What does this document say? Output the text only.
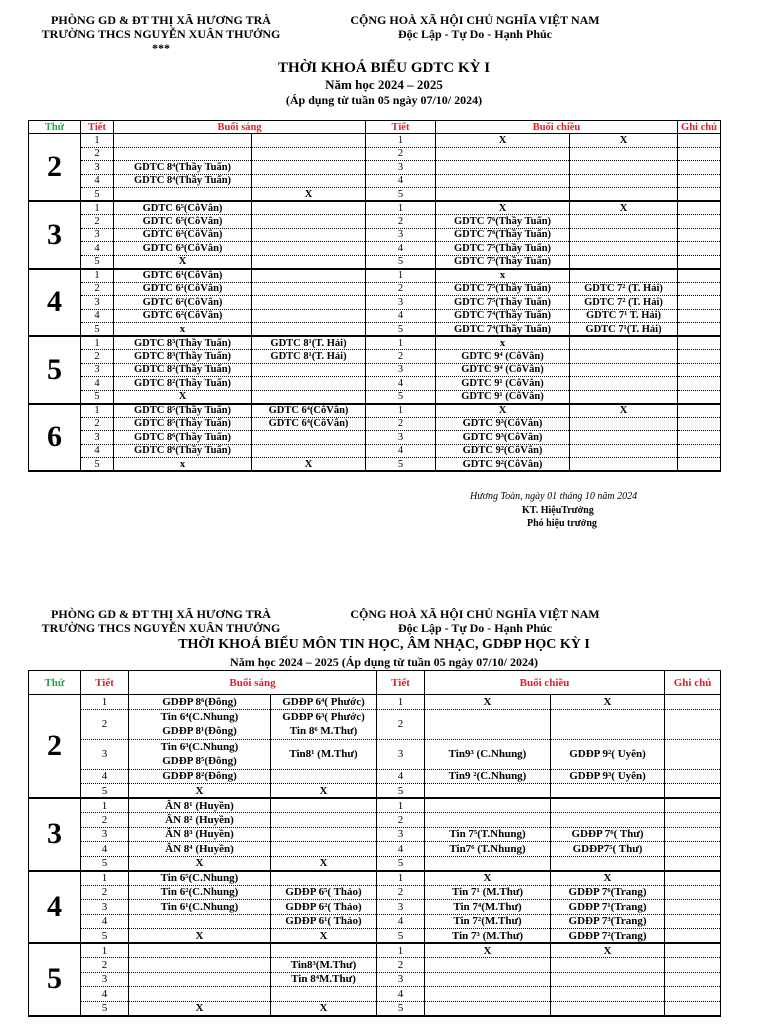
PHÒNG GD & ĐT THỊ XÃ HƯƠNG TRÀ
TRƯỜNG THCS NGUYỄN XUÂN THƯỞNG
***
CỘNG HOÀ XÃ HỘI CHỦ NGHĨA VIỆT NAM
Độc Lập - Tự Do - Hạnh Phúc
THỜI KHOÁ BIỂU GDTC KỲ I
Năm học 2024 – 2025
(Áp dụng từ tuần 05 ngày 07/10/ 2024)
Thứ	Tiết	Buổi sáng		Tiết	Buổi chiều		Ghi chú
2	1			1	X	X	
	2			2			
	3	GDTC 8⁴(Thầy Tuấn)		3			
	4	GDTC 8⁴(Thầy Tuấn)		4			
	5		X	5			
3	1	GDTC 6⁵(CôVân)		1	X	X	
	2	GDTC 6⁵(CôVân)		2	GDTC 7⁶(Thầy Tuấn)		
	3	GDTC 6³(CôVân)		3	GDTC 7⁶(Thầy Tuấn)		
	4	GDTC 6³(CôVân)		4	GDTC 7⁵(Thầy Tuấn)		
	5	X		5	GDTC 7⁵(Thầy Tuấn)		
4	1	GDTC 6¹(CôVân)		1	x		
	2	GDTC 6¹(CôVân)		2	GDTC 7⁵(Thầy Tuấn)	GDTC 7² (T. Hải)	
	3	GDTC 6²(CôVân)		3	GDTC 7⁵(Thầy Tuấn)	GDTC 7² (T. Hải)	
	4	GDTC 6²(CôVân)		4	GDTC 7⁴(Thầy Tuấn)	GDTC 7¹ T. Hải)	
	5	x		5	GDTC 7⁴(Thầy Tuấn)	GDTC 7¹(T. Hải)	
5	1	GDTC 8³(Thầy Tuấn)	GDTC 8¹(T. Hải)	1	x		
	2	GDTC 8³(Thầy Tuấn)	GDTC 8¹(T. Hải)	2	GDTC 9⁴ (CôVân)		
	3	GDTC 8²(Thầy Tuấn)		3	GDTC 9⁴ (CôVân)		
	4	GDTC 8²(Thầy Tuấn)		4	GDTC 9¹ (CôVân)		
	5	X		5	GDTC 9¹ (CôVân)		
6	1	GDTC 8⁵(Thầy Tuấn)	GDTC 6⁴(CôVân)	1	X	X	
	2	GDTC 8⁵(Thầy Tuấn)	GDTC 6⁴(CôVân)	2	GDTC 9³(CôVân)		
	3	GDTC 8⁶(Thầy Tuấn)		3	GDTC 9³(CôVân)		
	4	GDTC 8⁶(Thầy Tuấn)		4	GDTC 9²(CôVân)		
	5	x	X	5	GDTC 9²(CôVân)		
Hương Toàn, ngày 01 tháng 10 năm 2024
KT. HiệuTrưởng
Phó hiệu trưởng
PHÒNG GD & ĐT THỊ XÃ HƯƠNG TRÀ
TRƯỜNG THCS NGUYỄN XUÂN THƯỞNG
CỘNG HOÀ XÃ HỘI CHỦ NGHĨA VIỆT NAM
Độc Lập - Tự Do - Hạnh Phúc
THỜI KHOÁ BIỂU MÔN TIN HỌC, ÂM NHẠC, GDĐP HỌC KỲ I
Năm học 2024 – 2025 (Áp dụng từ tuần 05 ngày 07/10/ 2024)
Thứ	Tiết	Buổi sáng		Tiết	Buổi chiều		Ghi chú
2	1	GDĐP 8⁶(Đông)	GDĐP 6⁴( Phước)	1	X	X	
	2	Tin 6⁴(C.Nhung)
GDĐP 8¹(Đông)	GDĐP 6³( Phước)
Tin 8⁶ M.Thư)	2			
	3	Tin 6³(C.Nhung)
GDĐP 8⁵(Đông)	Tin8¹ (M.Thư)	3	Tin9³ (C.Nhung)	GDĐP 9²( Uyên)	
	4	GDĐP 8²(Đông)		4	Tin9 ²(C.Nhung)	GDĐP 9³( Uyên)	
	5	X	X	5			
3	1	ÂN 8¹ (Huyền)		1			
	2	ÂN 8² (Huyền)		2			
	3	ÂN 8³ (Huyền)		3	Tin 7⁵(T.Nhung)	GDĐP 7⁶( Thư)	
	4	ÂN 8⁴ (Huyền)		4	Tin7⁶ (T.Nhung)	GDĐP7⁵( Thư)	
	5	X	X	5			
4	1	Tin 6⁵(C.Nhung)		1	X	X	
	2	Tin 6²(C.Nhung)	GDĐP 6⁵( Thảo)	2	Tin 7¹ (M.Thư)	GDĐP 7⁶(Trang)	
	3	Tin 6¹(C.Nhung)	GDĐP 6²( Thảo)	3	Tin 7⁴(M.Thư)	GDĐP 7¹(Trang)	
	4		GDĐP 6¹( Thảo)	4	Tin 7²(M.Thư)	GDĐP 7³(Trang)	
	5	X	X	5	Tin 7³ (M.Thư)	GDĐP 7²(Trang)	
5	1			1	X	X	
	2		Tin8³(M.Thư)	2			
	3		Tin 8⁴M.Thư)	3			
	4			4			
	5	X	X	5			
